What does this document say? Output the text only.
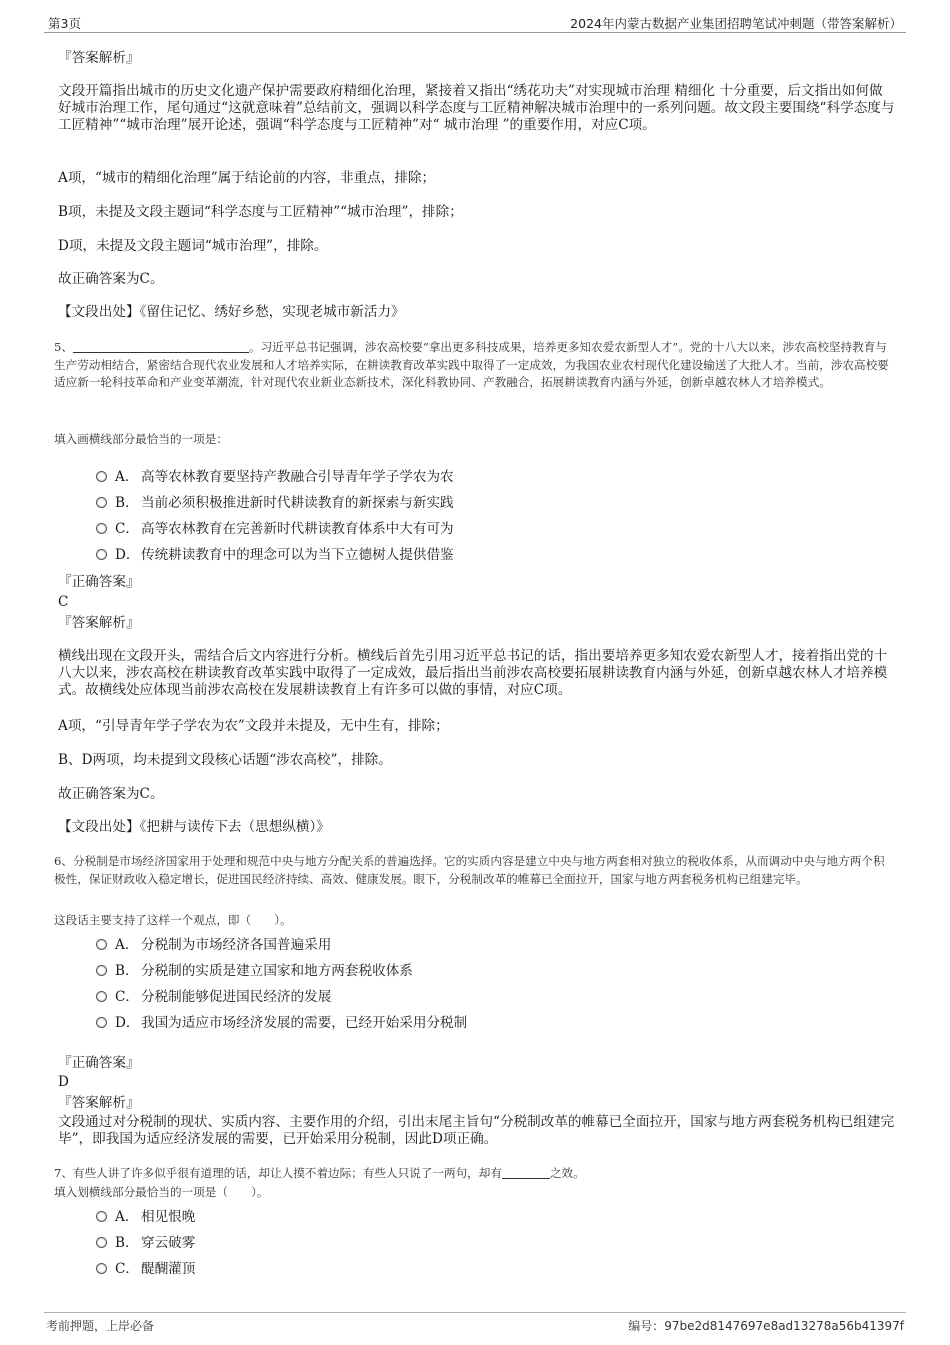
第3页	2024年内蒙古数据产业集团招聘笔试冲刺题（带答案解析）
『答案解析』

文段开篇指出城市的历史文化遗产保护需要政府精细化治理，紧接着又指出“绣花功夫”对实现城市治理 精细化 十分重要，后文指出如何做好城市治理工作，尾句通过“这就意味着”总结前文，强调以科学态度与工匠精神解决城市治理中的一系列问题。故文段主要围绕“科学态度与工匠精神”“城市治理”展开论述，强调“科学态度与工匠精神”对“ 城市治理 ”的重要作用，对应C项。

A项，“城市的精细化治理”属于结论前的内容，非重点，排除；

B项，未提及文段主题词“科学态度与工匠精神”“城市治理”，排除；

D项，未提及文段主题词“城市治理”，排除。

故正确答案为C。

【文段出处】《留住记忆、绣好乡愁，实现老城市新活力》

5、	。习近平总书记强调，涉农高校要“拿出更多科技成果，培养更多知农爱农新型人才”。党的十八大以来，涉农高校坚持教育与生产劳动相结合，紧密结合现代农业发展和人才培养实际，在耕读教育改革实践中取得了一定成效，为我国农业农村现代化建设输送了大批人才。当前，涉农高校要适应新一轮科技革命和产业变革潮流，针对现代农业新业态新技术，深化科教协同、产教融合，拓展耕读教育内涵与外延，创新卓越农林人才培养模式。

填入画横线部分最恰当的一项是：

A． 高等农林教育要坚持产教融合引导青年学子学农为农
B． 当前必须积极推进新时代耕读教育的新探索与新实践
C． 高等农林教育在完善新时代耕读教育体系中大有可为
D． 传统耕读教育中的理念可以为当下立德树人提供借鉴
『正确答案』
C
『答案解析』

横线出现在文段开头，需结合后文内容进行分析。横线后首先引用习近平总书记的话，指出要培养更多知农爱农新型人才，接着指出党的十八大以来，涉农高校在耕读教育改革实践中取得了一定成效，最后指出当前涉农高校要拓展耕读教育内涵与外延，创新卓越农林人才培养模式。故横线处应体现当前涉农高校在发展耕读教育上有许多可以做的事情，对应C项。

A项，“引导青年学子学农为农”文段并未提及，无中生有，排除；

B、D两项，均未提到文段核心话题“涉农高校”，排除。

故正确答案为C。

【文段出处】《把耕与读传下去（思想纵横）》

6、分税制是市场经济国家用于处理和规范中央与地方分配关系的普遍选择。它的实质内容是建立中央与地方两套相对独立的税收体系，从而调动中央与地方两个积极性，保证财政收入稳定增长，促进国民经济持续、高效、健康发展。眼下，分税制改革的帷幕已全面拉开，国家与地方两套税务机构已组建完毕。

这段话主要支持了这样一个观点，即（　　）。

A． 分税制为市场经济各国普遍采用
B． 分税制的实质是建立国家和地方两套税收体系
C． 分税制能够促进国民经济的发展
D． 我国为适应市场经济发展的需要，已经开始采用分税制
『正确答案』
D
『答案解析』

文段通过对分税制的现状、实质内容、主要作用的介绍，引出末尾主旨句“分税制改革的帷幕已全面拉开，国家与地方两套税务机构已组建完毕”，即我国为适应经济发展的需要，已开始采用分税制，因此D项正确。

7、有些人讲了许多似乎很有道理的话，却让人摸不着边际；有些人只说了一两句，却有	之效。

填入划横线部分最恰当的一项是（　　）。

A． 相见恨晚
B． 穿云破雾
C． 醍醐灌顶
考前押题，上岸必备	编号：97be2d8147697e8ad13278a56b41397f
